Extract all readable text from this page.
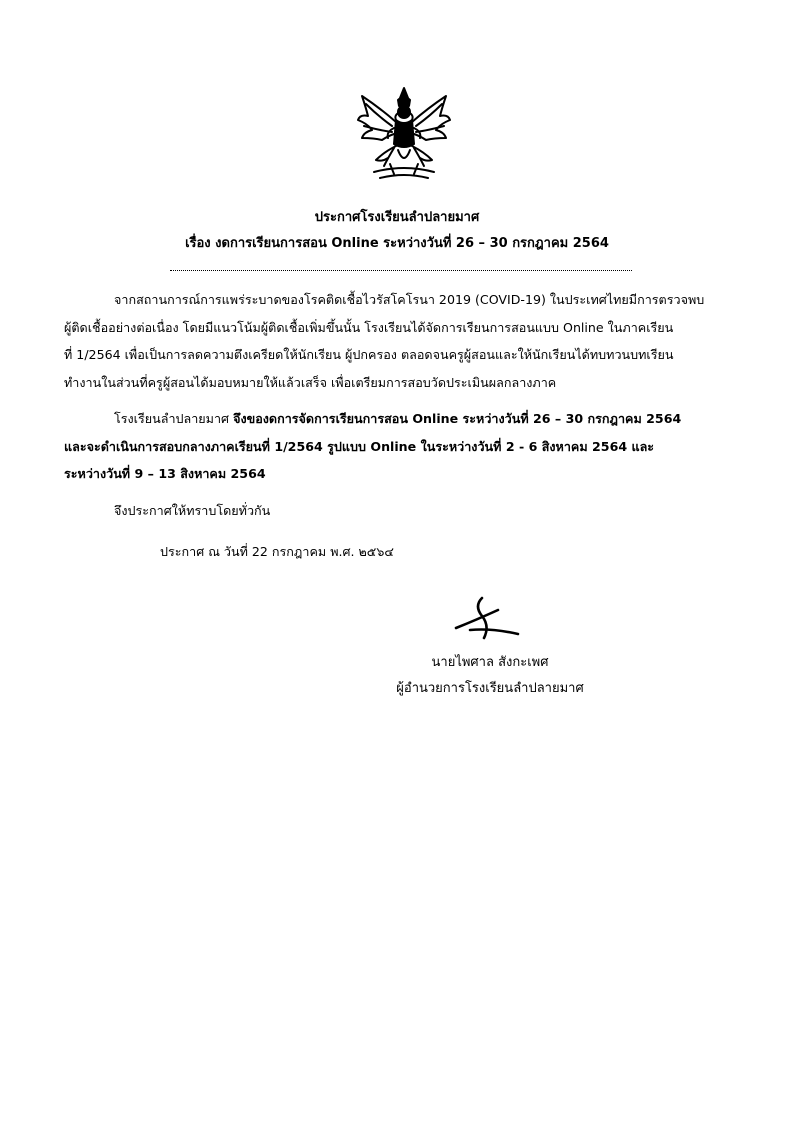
ประกาศโรงเรียนลำปลายมาศ
เรื่อง งดการเรียนการสอน Online ระหว่างวันที่ 26 – 30 กรกฎาคม 2564

จากสถานการณ์การแพร่ระบาดของโรคติดเชื้อไวรัสโคโรนา 2019 (COVID-19) ในประเทศไทยมีการตรวจพบ

ผู้ติดเชื้ออย่างต่อเนื่อง โดยมีแนวโน้มผู้ติดเชื้อเพิ่มขึ้นนั้น โรงเรียนได้จัดการเรียนการสอนแบบ Online ในภาคเรียน

ที่ 1/2564 เพื่อเป็นการลดความตึงเครียดให้นักเรียน ผู้ปกครอง ตลอดจนครูผู้สอนและให้นักเรียนได้ทบทวนบทเรียน

ทำงานในส่วนที่ครูผู้สอนได้มอบหมายให้แล้วเสร็จ เพื่อเตรียมการสอบวัดประเมินผลกลางภาค

โรงเรียนลำปลายมาศ จึงของดการจัดการเรียนการสอน Online ระหว่างวันที่ 26 – 30 กรกฎาคม 2564

และจะดำเนินการสอบกลางภาคเรียนที่ 1/2564 รูปแบบ Online ในระหว่างวันที่ 2 - 6 สิงหาคม 2564 และ

ระหว่างวันที่ 9 – 13 สิงหาคม 2564

จึงประกาศให้ทราบโดยทั่วกัน

ประกาศ ณ วันที่ 22 กรกฎาคม พ.ศ. ๒๕๖๔

นายไพศาล สังกะเพศ
ผู้อำนวยการโรงเรียนลำปลายมาศ
